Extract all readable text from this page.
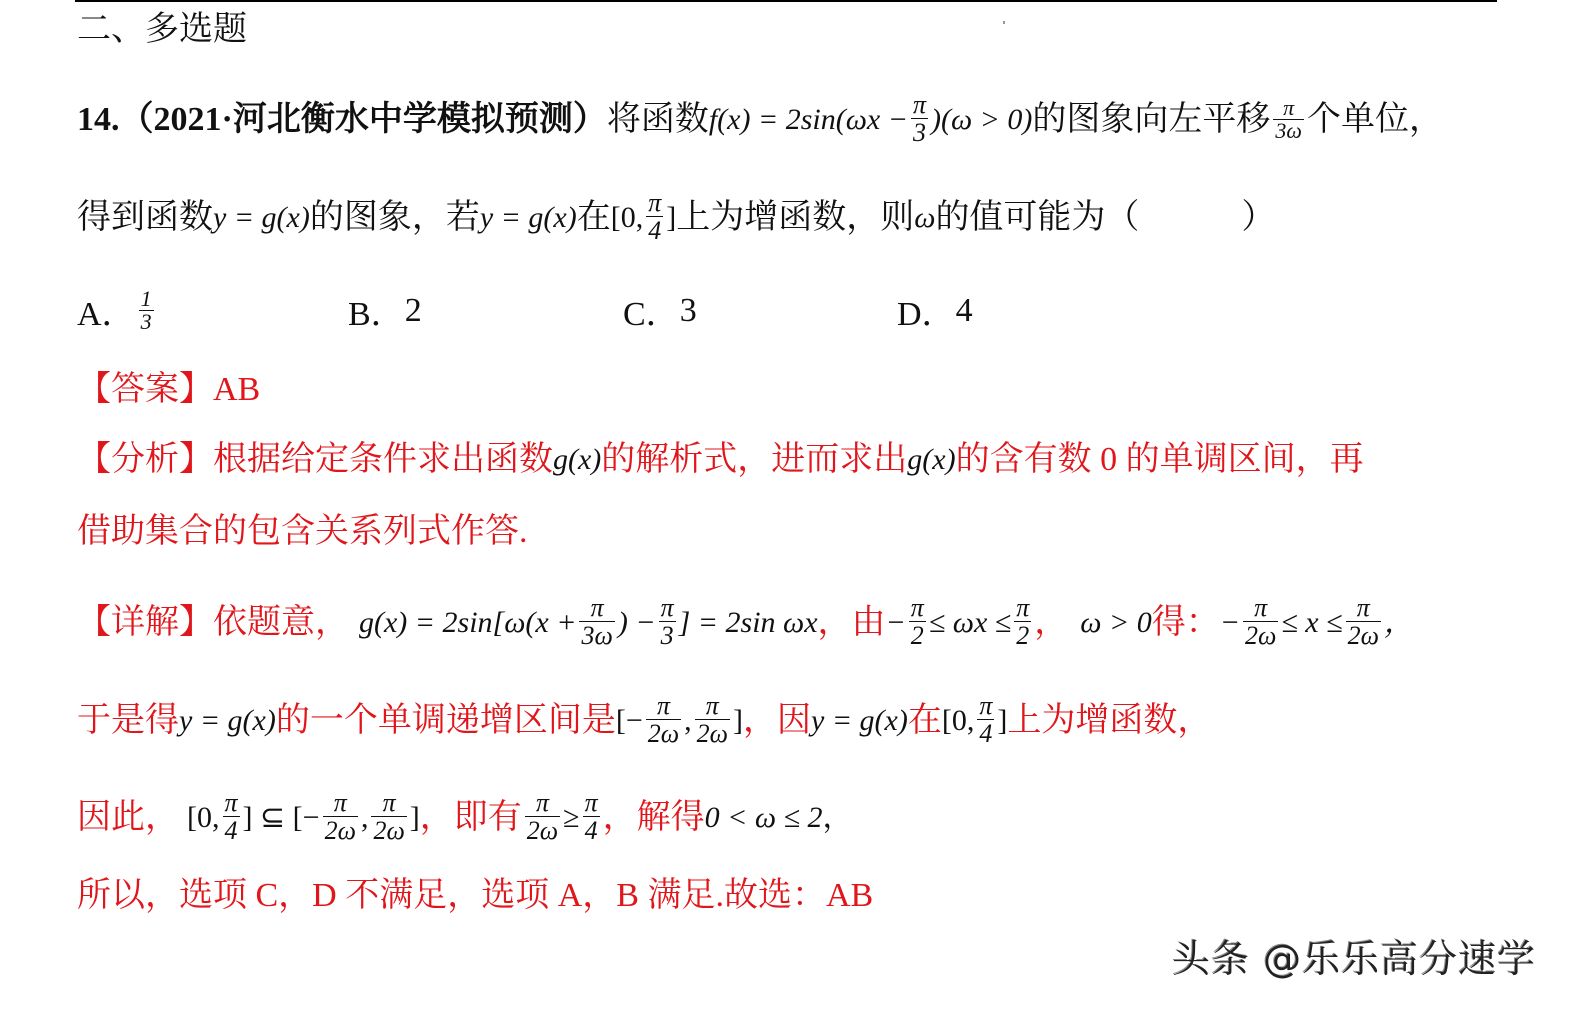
二、多选题
14. （2021·河北衡水中学模拟预测） 将函数 $f(x) = 2\sin(\omega x - \frac{\pi}{3} )(\omega > 0)$ 的图象向左平移 $\frac{\pi}{3\omega}$ 个单位，
得到函数 y = g(x) 的图象，若 y = g(x) 在 [0, $\frac{\pi}{4}$ ] 上为增函数，则 ω 的值可能为（　　　）
A． $\frac{1}{3}$	B． 2	C． 3	D． 4
【答案】 AB
【分析】 根据给定条件求出函数 g(x) 的解析式，进而求出 g(x) 的含有数 0 的单调区间，再
借助集合的包含关系列式作答.
【详解】 依题意， $g(x) = 2\sin[\omega(x + \frac{\pi}{3\omega}$ ) − $\frac{\pi}{3}$ ] = 2sin ωx ， 由 − $\frac{\pi}{2} \le \omega x \le \frac{\pi}{2}$ ， ω > 0 得： − $\frac{\pi}{2\omega} \le x \le \frac{\pi}{2\omega}$ ，
于是得 y = g(x) 的一个单调递增区间是 [− $\frac{\pi}{2\omega}$ , $\frac{\pi}{2\omega}$ ] ，因 y = g(x) 在 [0, $\frac{\pi}{4}$ ] 上为增函数，
因此， [0, $\frac{\pi}{4}$ ] ⊆ [− $\frac{\pi}{2\omega}$ , $\frac{\pi}{2\omega}$ ] ，即有 $\frac{\pi}{2\omega} \ge \frac{\pi}{4}$ ，解得 0 < ω ≤ 2 ，
所以，选项 C，D 不满足，选项 A，B 满足.故选：AB
头条 @乐乐高分速学
